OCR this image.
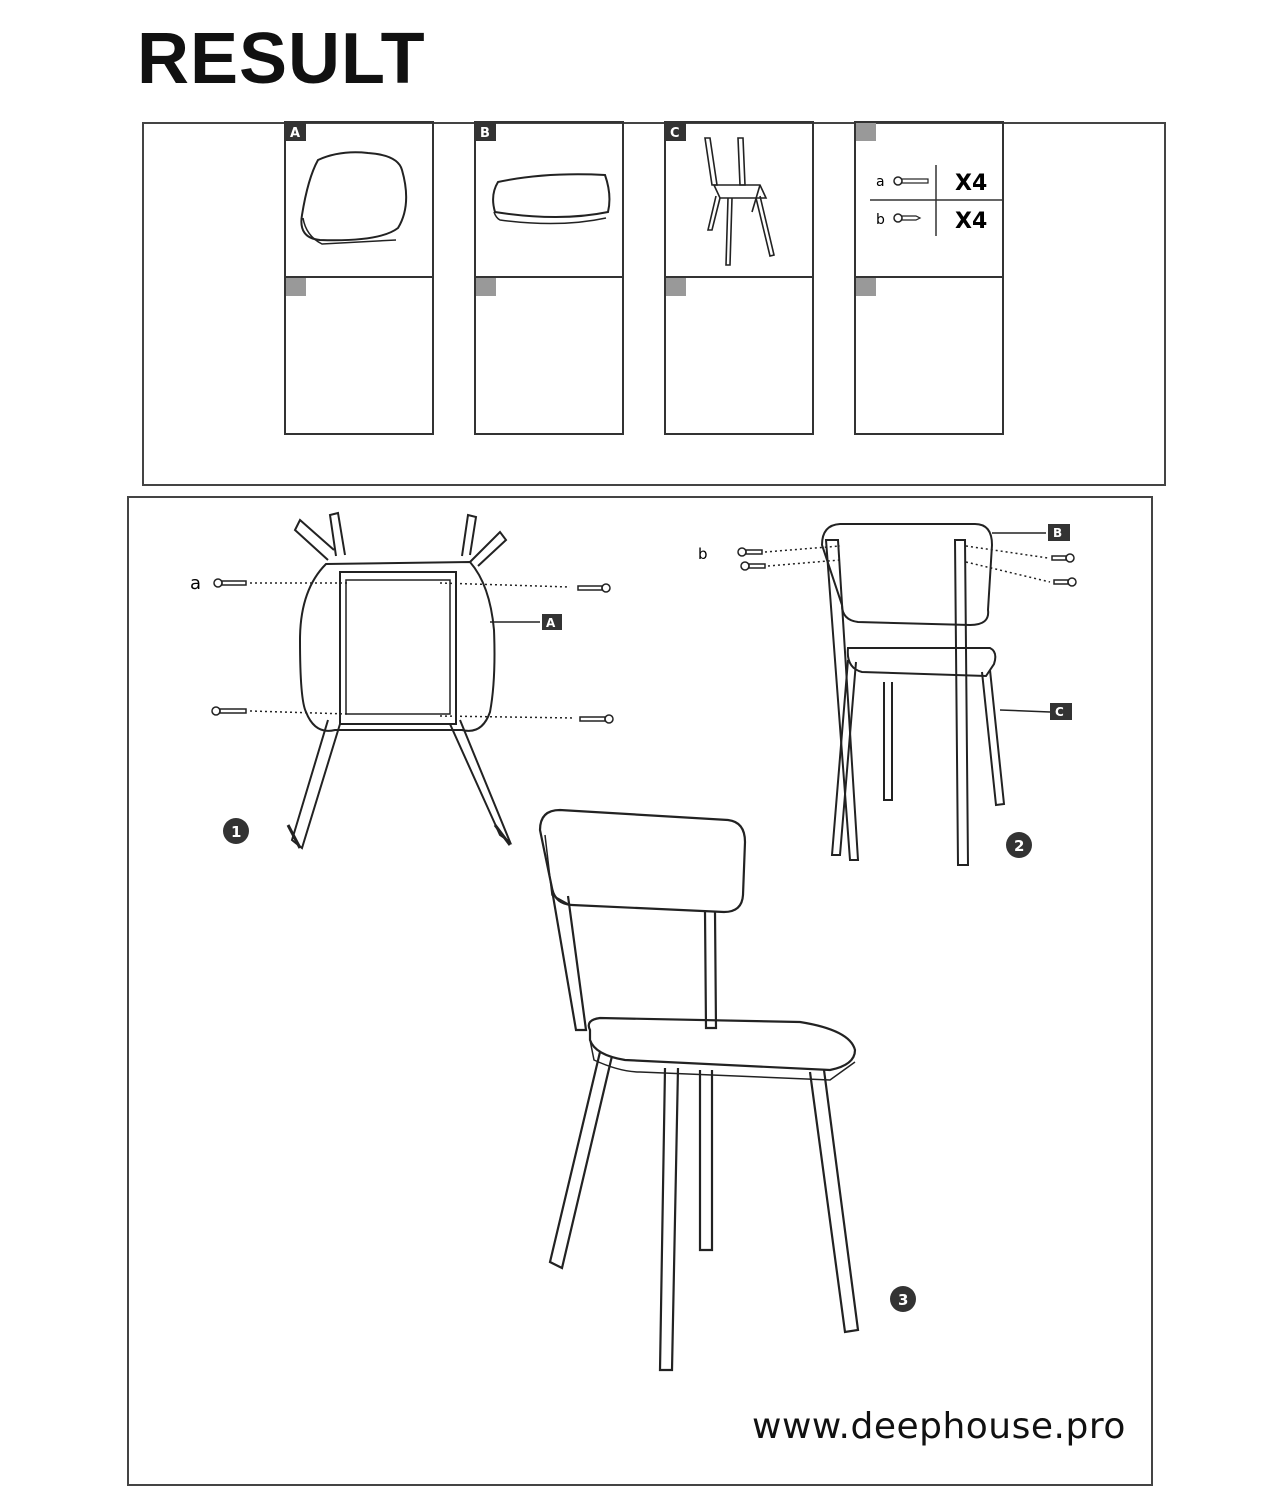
RESULT
A	B	C
a	X4
b	X4
a
A
1
b
B
C
2
3
www.deephouse.pro
